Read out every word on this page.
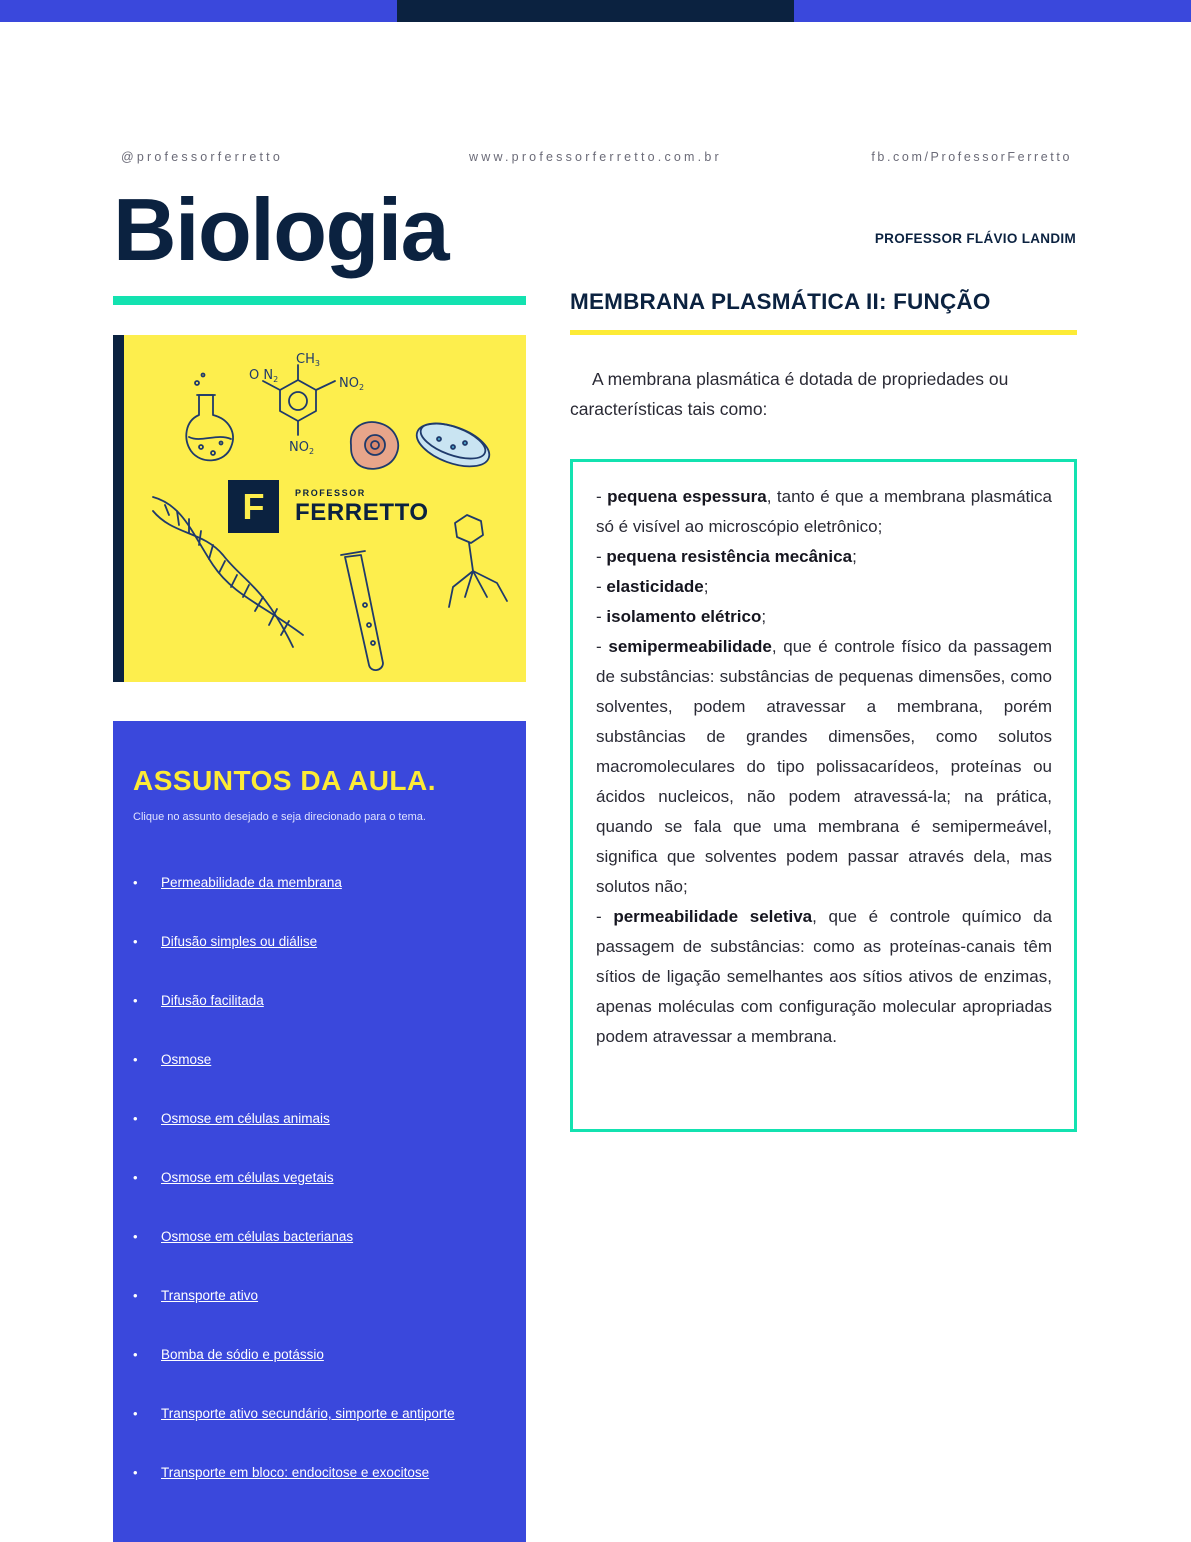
@professorferretto	www.professorferretto.com.br	fb.com/ProfessorFerretto
Biologia	PROFESSOR FLÁVIO LANDIM
MEMBRANA PLASMÁTICA II: FUNÇÃO
A membrana plasmática é dotada de propriedades ou características tais como:
$CH_3$
O $N_2$	$NO_2$
$NO_2$
F	PROFESSOR
FERRETTO
ASSUNTOS DA AULA.
Clique no assunto desejado e seja direcionado para o tema.
•	Permeabilidade da membrana
•	Difusão simples ou diálise
•	Difusão facilitada
•	Osmose
•	Osmose em células animais
•	Osmose em células vegetais
•	Osmose em células bacterianas
•	Transporte ativo
•	Bomba de sódio e potássio
•	Transporte ativo secundário, simporte e antiporte
•	Transporte em bloco: endocitose e exocitose

- pequena espessura, tanto é que a membrana plasmática só é visível ao microscópio eletrônico;

- pequena resistência mecânica;

- elasticidade;

- isolamento elétrico;

- semipermeabilidade, que é controle físico da passagem de substâncias: substâncias de pequenas dimensões, como solventes, podem atravessar a membrana, porém substâncias de grandes dimensões, como solutos macromoleculares do tipo polissacarídeos, proteínas ou ácidos nucleicos, não podem atravessá-la; na prática, quando se fala que uma membrana é semipermeável, significa que solventes podem passar através dela, mas solutos não;

- permeabilidade seletiva, que é controle químico da passagem de substâncias: como as proteínas-canais têm sítios de ligação semelhantes aos sítios ativos de enzimas, apenas moléculas com configuração molecular apropriadas podem atravessar a membrana.
